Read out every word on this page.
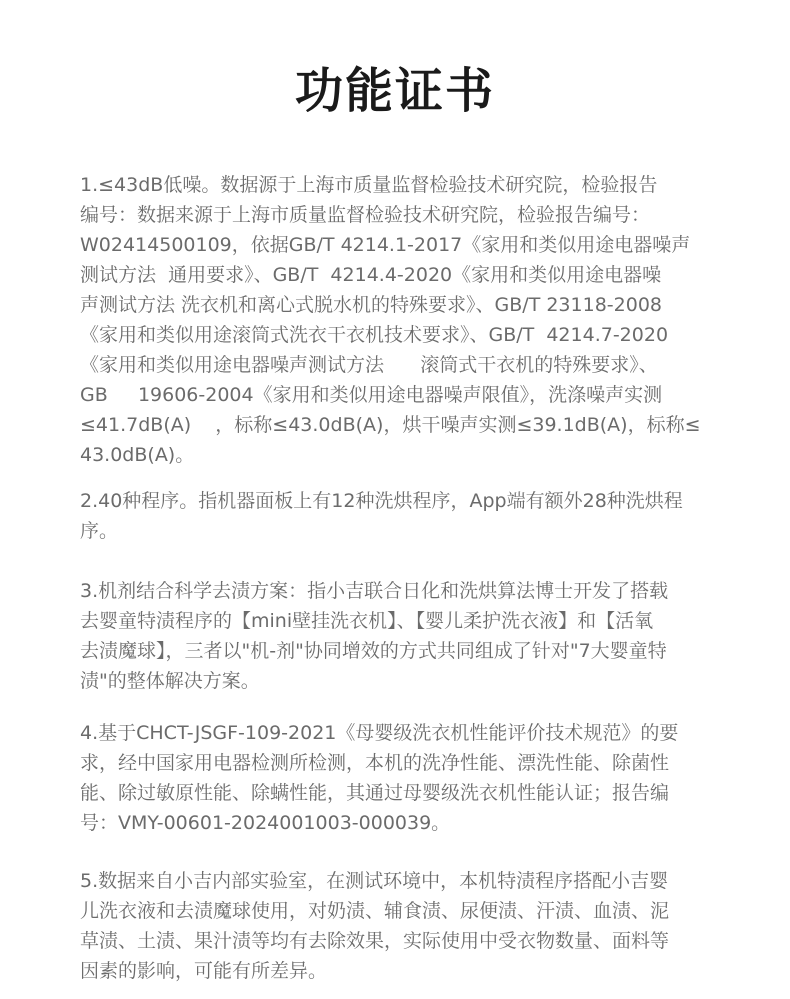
功能证书
1.≤43dB低噪。数据源于上海市质量监督检验技术研究院，检验报告
编号：数据来源于上海市质量监督检验技术研究院，检验报告编号：
W02414500109，依据GB/T 4214.1-2017《家用和类似用途电器噪声
测试方法  通用要求》、GB/T  4214.4-2020《家用和类似用途电器噪
声测试方法 洗衣机和离心式脱水机的特殊要求》、GB/T 23118-2008
《家用和类似用途滚筒式洗衣干衣机技术要求》、GB/T  4214.7-2020
《家用和类似用途电器噪声测试方法      滚筒式干衣机的特殊要求》、
GB     19606-2004《家用和类似用途电器噪声限值》，洗涤噪声实测
≤41.7dB(A)    ，标称≤43.0dB(A)，烘干噪声实测≤39.1dB(A)，标称≤
43.0dB(A)。
2.40种程序。指机器面板上有12种洗烘程序，App端有额外28种洗烘程
序。
3.机剂结合科学去渍方案：指小吉联合日化和洗烘算法博士开发了搭载
去婴童特渍程序的【mini壁挂洗衣机】、【婴儿柔护洗衣液】和【活氧
去渍魔球】，三者以"机-剂"协同增效的方式共同组成了针对"7大婴童特
渍"的整体解决方案。
4.基于CHCT-JSGF-109-2021《母婴级洗衣机性能评价技术规范》的要
求，经中国家用电器检测所检测，本机的洗净性能、漂洗性能、除菌性
能、除过敏原性能、除螨性能，其通过母婴级洗衣机性能认证；报告编
号：VMY-00601-2024001003-000039。
5.数据来自小吉内部实验室，在测试环境中，本机特渍程序搭配小吉婴
儿洗衣液和去渍魔球使用，对奶渍、辅食渍、尿便渍、汗渍、血渍、泥
草渍、土渍、果汁渍等均有去除效果，实际使用中受衣物数量、面料等
因素的影响，可能有所差异。
